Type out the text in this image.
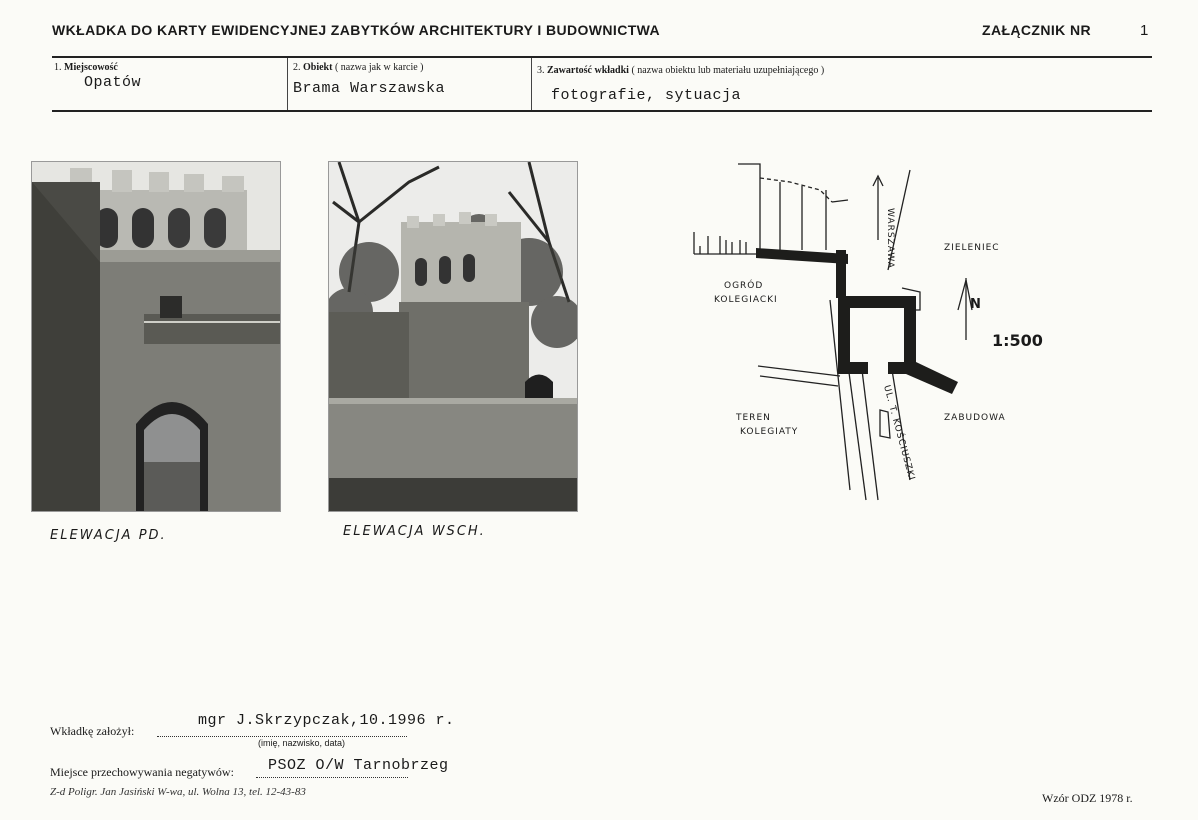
WKŁADKA DO KARTY EWIDENCYJNEJ ZABYTKÓW ARCHITEKTURY I BUDOWNICTWA	ZAŁĄCZNIK NR	1
1. Miejscowość
Opatów
2. Obiekt ( nazwa jak w karcie )
Brama Warszawska
3. Zawartość wkładki ( nazwa obiektu lub materiału uzupełniającego )
fotografie, sytuacja
ELEWACJA PD.	ELEWACJA WSCH.
WARSZAWA	ZIELENIEC
OGRÓD
KOLEGIACKI
TEREN
KOLEGIATY
ZABUDOWA
UL. T. KOŚCIUSZKI
N
1:500
Wkładkę założył:
mgr J.Skrzypczak,10.1996 r.
(imię, nazwisko, data)
Miejsce przechowywania negatywów: PSOZ O/W Tarnobrzeg
Z-d Poligr. Jan Jasiński W-wa, ul. Wolna 13, tel. 12-43-83	Wzór ODZ 1978 r.
